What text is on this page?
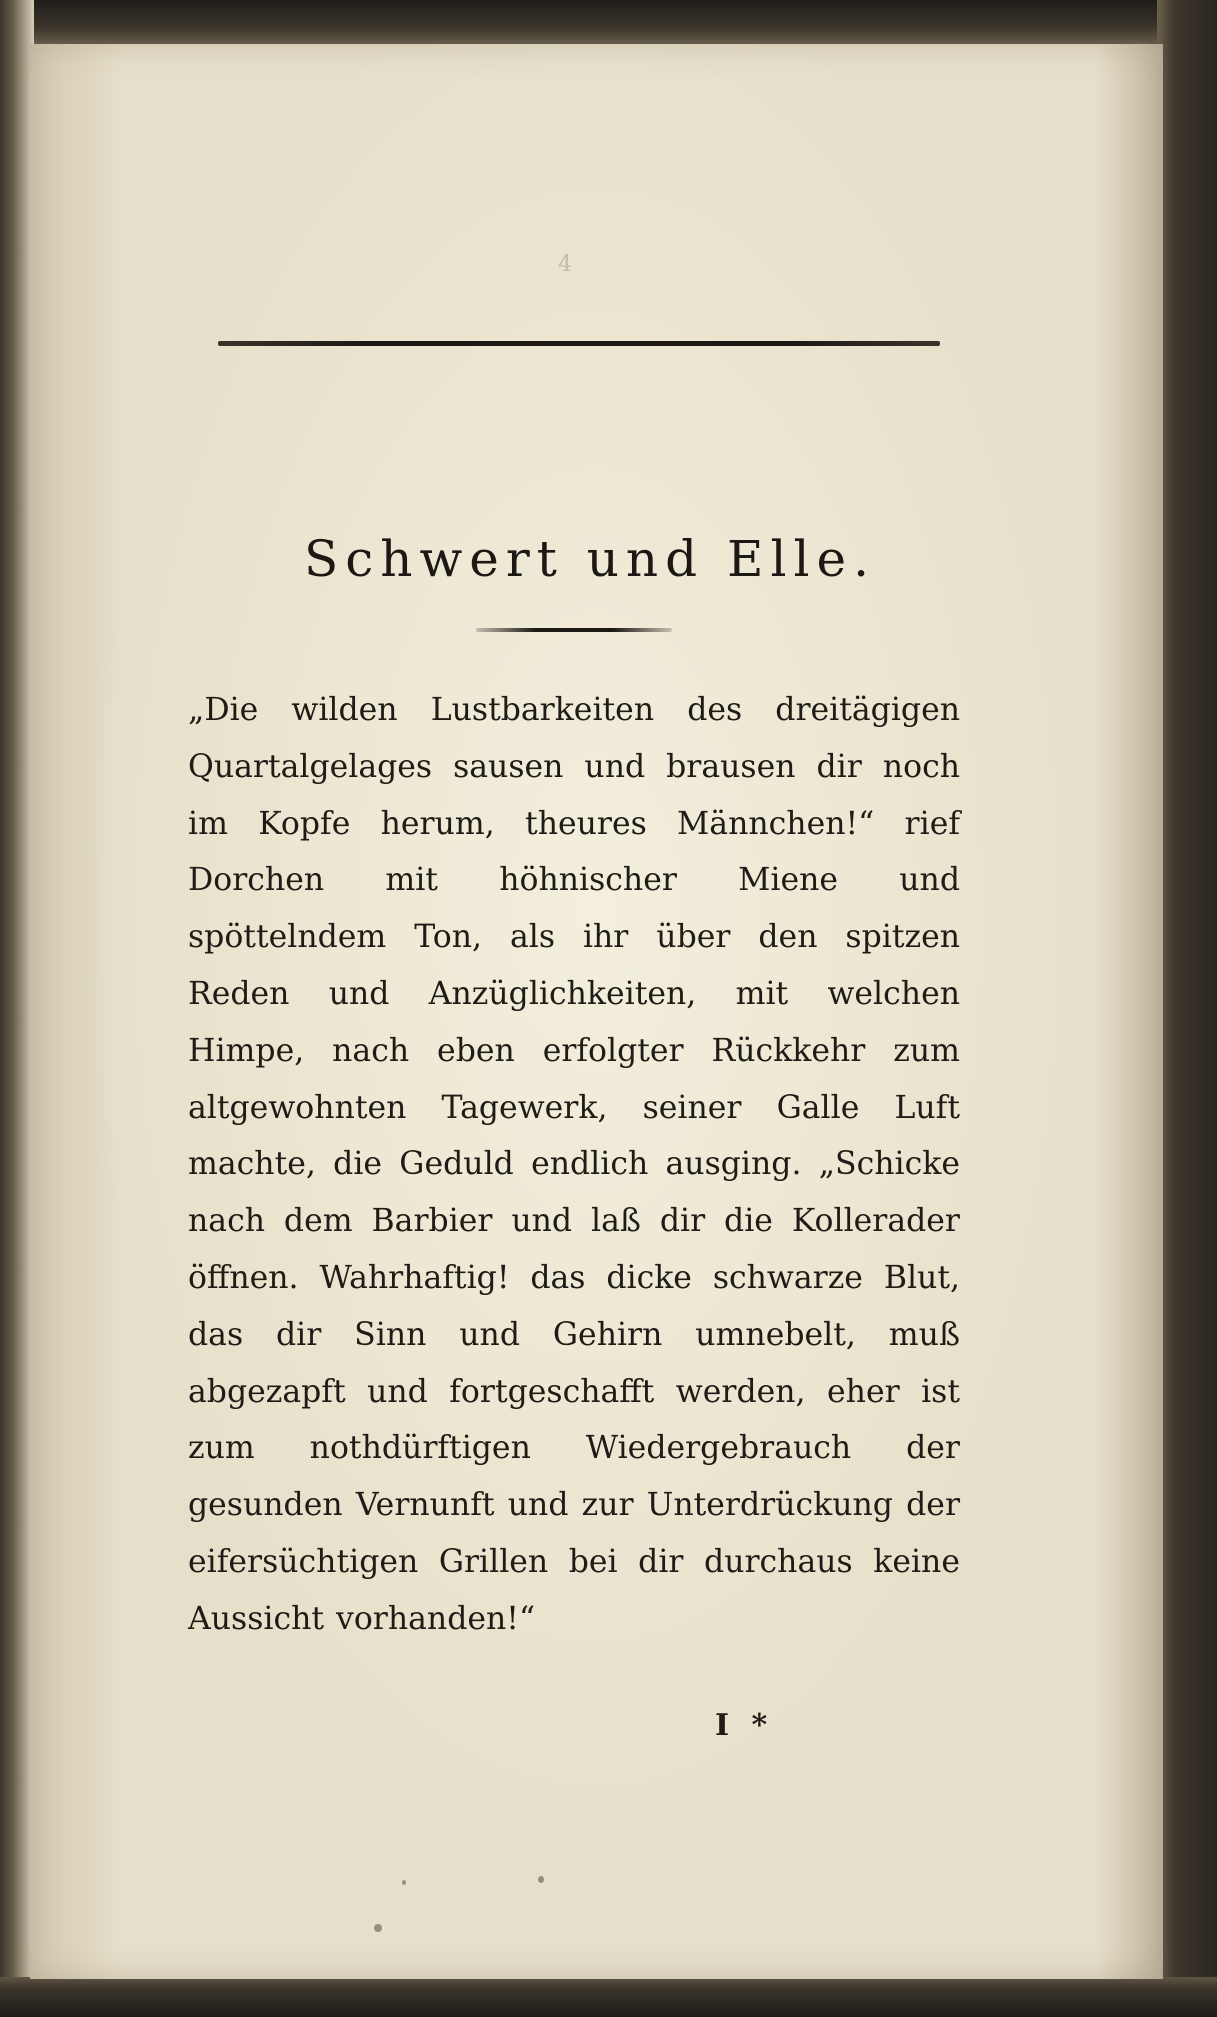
4
Schwert und Elle.

„Die wilden Lustbarkeiten des dreitägigen Quartalgelages sausen und brausen dir noch im Kopfe herum, theures Männchen!“ rief Dorchen mit höhnischer Miene und spöttelndem Ton, als ihr über den spitzen Reden und Anzüglichkeiten, mit welchen Himpe, nach eben erfolgter Rückkehr zum altgewohnten Tagewerk, seiner Galle Luft machte, die Geduld endlich ausging. „Schicke nach dem Barbier und laß dir die Kollerader öffnen. Wahrhaftig! das dicke schwarze Blut, das dir Sinn und Gehirn umnebelt, muß abgezapft und fortgeschafft werden, eher ist zum nothdürftigen Wiedergebrauch der gesunden Vernunft und zur Unterdrückung der eifersüchtigen Grillen bei dir durchaus keine Aussicht vorhanden!“

I *
